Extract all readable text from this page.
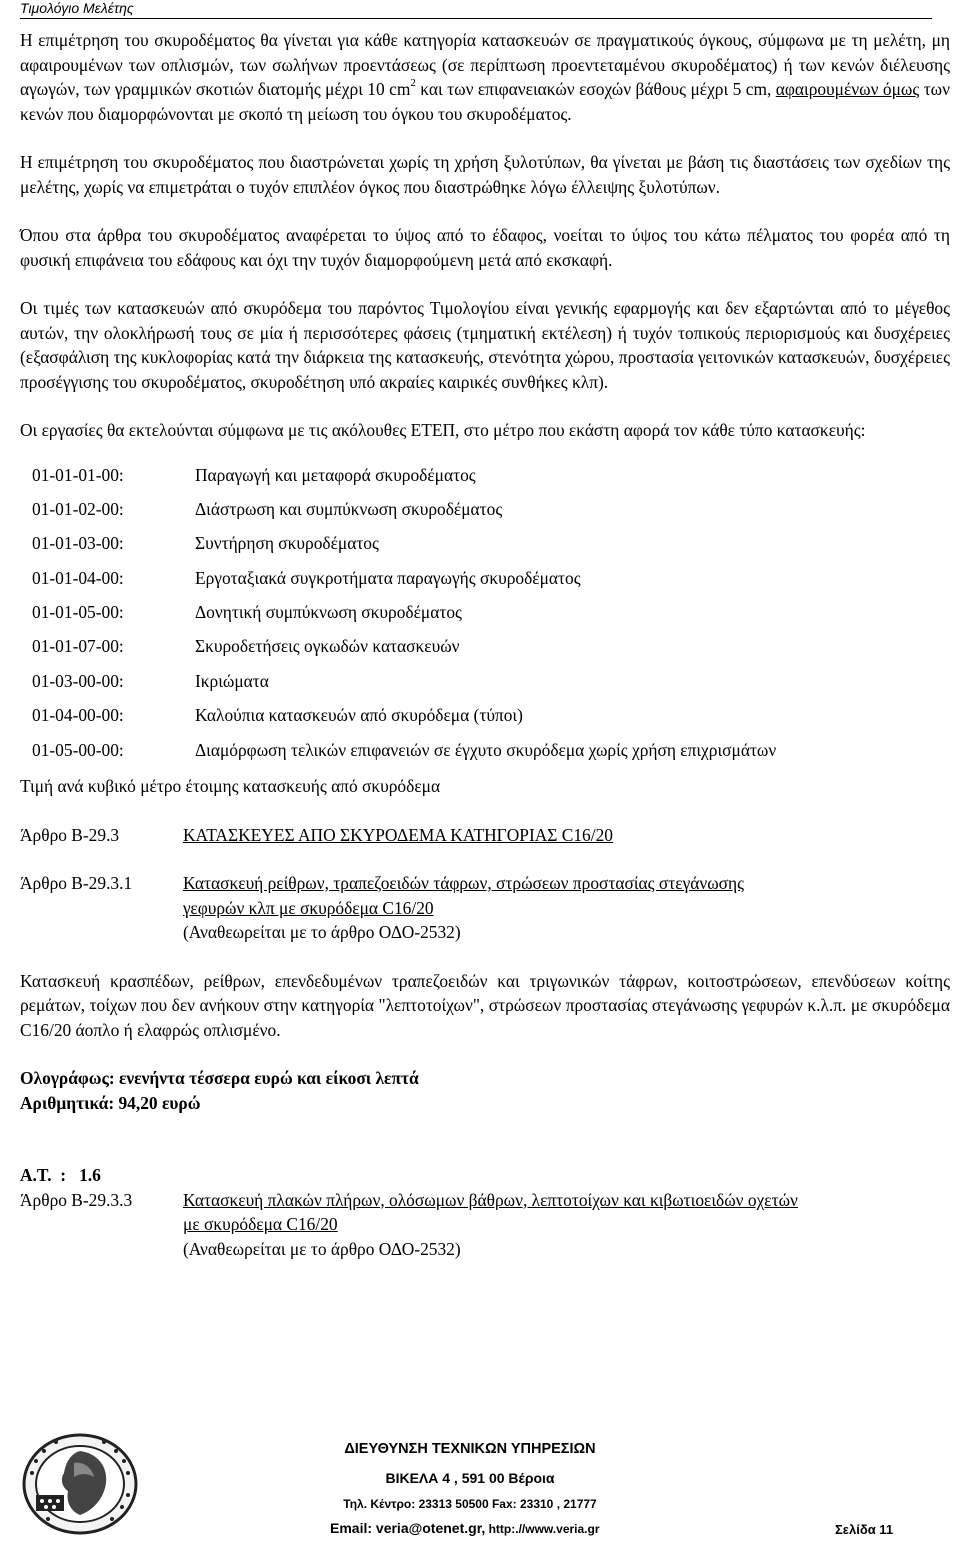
Τιμολόγιο Μελέτης

Η επιμέτρηση του σκυροδέματος θα γίνεται για κάθε κατηγορία κατασκευών σε πραγματικούς όγκους, σύμφωνα με τη μελέτη, μη αφαιρουμένων των οπλισμών, των σωλήνων προεντάσεως (σε περίπτωση προεντεταμένου σκυροδέματος) ή των κενών διέλευσης αγωγών, των γραμμικών σκοτιών διατομής μέχρι 10 $cm^2$ και των επιφανειακών εσοχών βάθους μέχρι 5 cm, αφαιρουμένων όμως των κενών που διαμορφώνονται με σκοπό τη μείωση του όγκου του σκυροδέματος.

Η επιμέτρηση του σκυροδέματος που διαστρώνεται χωρίς τη χρήση ξυλοτύπων, θα γίνεται με βάση τις διαστάσεις των σχεδίων της μελέτης, χωρίς να επιμετράται ο τυχόν επιπλέον όγκος που διαστρώθηκε λόγω έλλειψης ξυλοτύπων.

Όπου στα άρθρα του σκυροδέματος αναφέρεται το ύψος από το έδαφος, νοείται το ύψος του κάτω πέλματος του φορέα από τη φυσική επιφάνεια του εδάφους και όχι την τυχόν διαμορφούμενη μετά από εκσκαφή.

Οι τιμές των κατασκευών από σκυρόδεμα του παρόντος Τιμολογίου είναι γενικής εφαρμογής και δεν εξαρτώνται από το μέγεθος αυτών, την ολοκλήρωσή τους σε μία ή περισσότερες φάσεις (τμηματική εκτέλεση) ή τυχόν τοπικούς περιορισμούς και δυσχέρειες (εξασφάλιση της κυκλοφορίας κατά την διάρκεια της κατασκευής, στενότητα χώρου, προστασία γειτονικών κατασκευών, δυσχέρειες προσέγγισης του σκυροδέματος, σκυροδέτηση υπό ακραίες καιρικές συνθήκες κλπ).

Οι εργασίες θα εκτελούνται σύμφωνα με τις ακόλουθες ΕΤΕΠ, στο μέτρο που εκάστη αφορά τον κάθε τύπο κατασκευής:

01-01-01-00:	Παραγωγή και μεταφορά σκυροδέματος
01-01-02-00:	Διάστρωση και συμπύκνωση σκυροδέματος
01-01-03-00:	Συντήρηση σκυροδέματος
01-01-04-00:	Εργοταξιακά συγκροτήματα παραγωγής σκυροδέματος
01-01-05-00:	Δονητική συμπύκνωση σκυροδέματος
01-01-07-00:	Σκυροδετήσεις ογκωδών κατασκευών
01-03-00-00:	Ικριώματα
01-04-00-00:	Καλούπια κατασκευών από σκυρόδεμα (τύποι)
01-05-00-00:	Διαμόρφωση τελικών επιφανειών σε έγχυτο σκυρόδεμα χωρίς χρήση επιχρισμάτων

Τιμή ανά κυβικό μέτρο έτοιμης κατασκευής από σκυρόδεμα

Άρθρο Β-29.3	ΚΑΤΑΣΚΕΥΕΣ ΑΠΟ ΣΚΥΡΟΔΕΜΑ ΚΑΤΗΓΟΡΙΑΣ C16/20
Άρθρο Β-29.3.1	Κατασκευή ρείθρων, τραπεζοειδών τάφρων, στρώσεων προστασίας στεγάνωσης
γεφυρών κλπ με σκυρόδεμα C16/20
(Αναθεωρείται με το άρθρο ΟΔΟ-2532)

Κατασκευή κρασπέδων, ρείθρων, επενδεδυμένων τραπεζοειδών και τριγωνικών τάφρων, κοιτοστρώσεων, επενδύσεων κοίτης ρεμάτων, τοίχων που δεν ανήκουν στην κατηγορία "λεπτοτοίχων", στρώσεων προστασίας στεγάνωσης γεφυρών κ.λ.π. με σκυρόδεμα C16/20 άοπλο ή ελαφρώς οπλισμένο.

Ολογράφως: ενενήντα τέσσερα ευρώ και είκοσι λεπτά
Αριθμητικά: 94,20 ευρώ
Α.Τ.  :   1.6
Άρθρο Β-29.3.3	Κατασκευή πλακών πλήρων, ολόσωμων βάθρων, λεπτοτοίχων και κιβωτιοειδών οχετών
με σκυρόδεμα C16/20
(Αναθεωρείται με το άρθρο ΟΔΟ-2532)
ΔΙΕΥΘΥΝΣΗ ΤΕΧΝΙΚΩΝ ΥΠΗΡΕΣΙΩΝ
ΒΙΚΕΛΑ 4 , 591 00 Βέροια
Τηλ. Κέντρο: 23313 50500 Fax: 23310 , 21777
Email: veria@otenet.gr, http:.//www.veria.gr	Σελίδα 11
